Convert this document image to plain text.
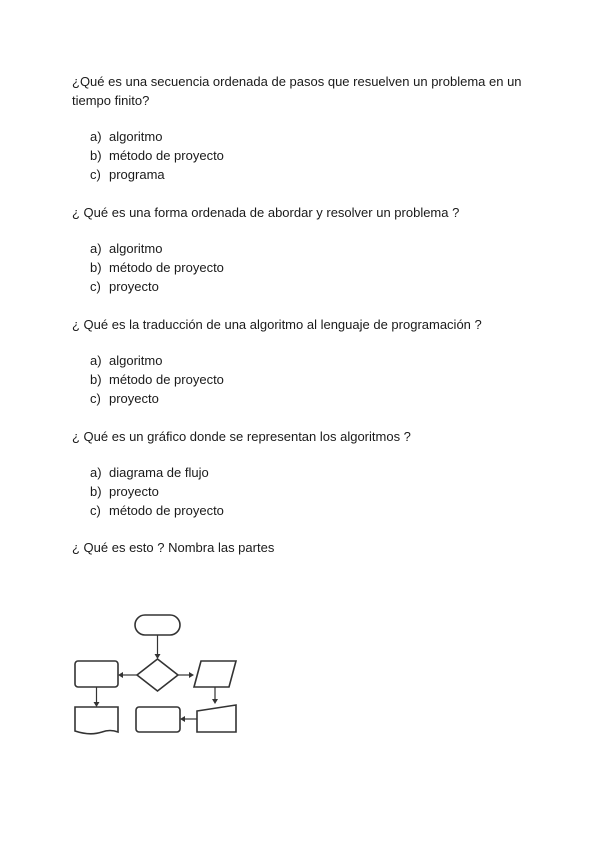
¿Qué es una secuencia ordenada de pasos que resuelven un problema en un tiempo finito?

a) algoritmo
b) método de proyecto
c) programa

¿ Qué es una forma ordenada de abordar y resolver un problema ?

a) algoritmo
b) método de proyecto
c) proyecto

¿ Qué es la traducción de una algoritmo al lenguaje de programación ?

a) algoritmo
b) método de proyecto
c) proyecto

¿ Qué es un gráfico donde se representan los algoritmos ?

a) diagrama de flujo
b) proyecto
c) método de proyecto

¿ Qué es esto ? Nombra las partes
